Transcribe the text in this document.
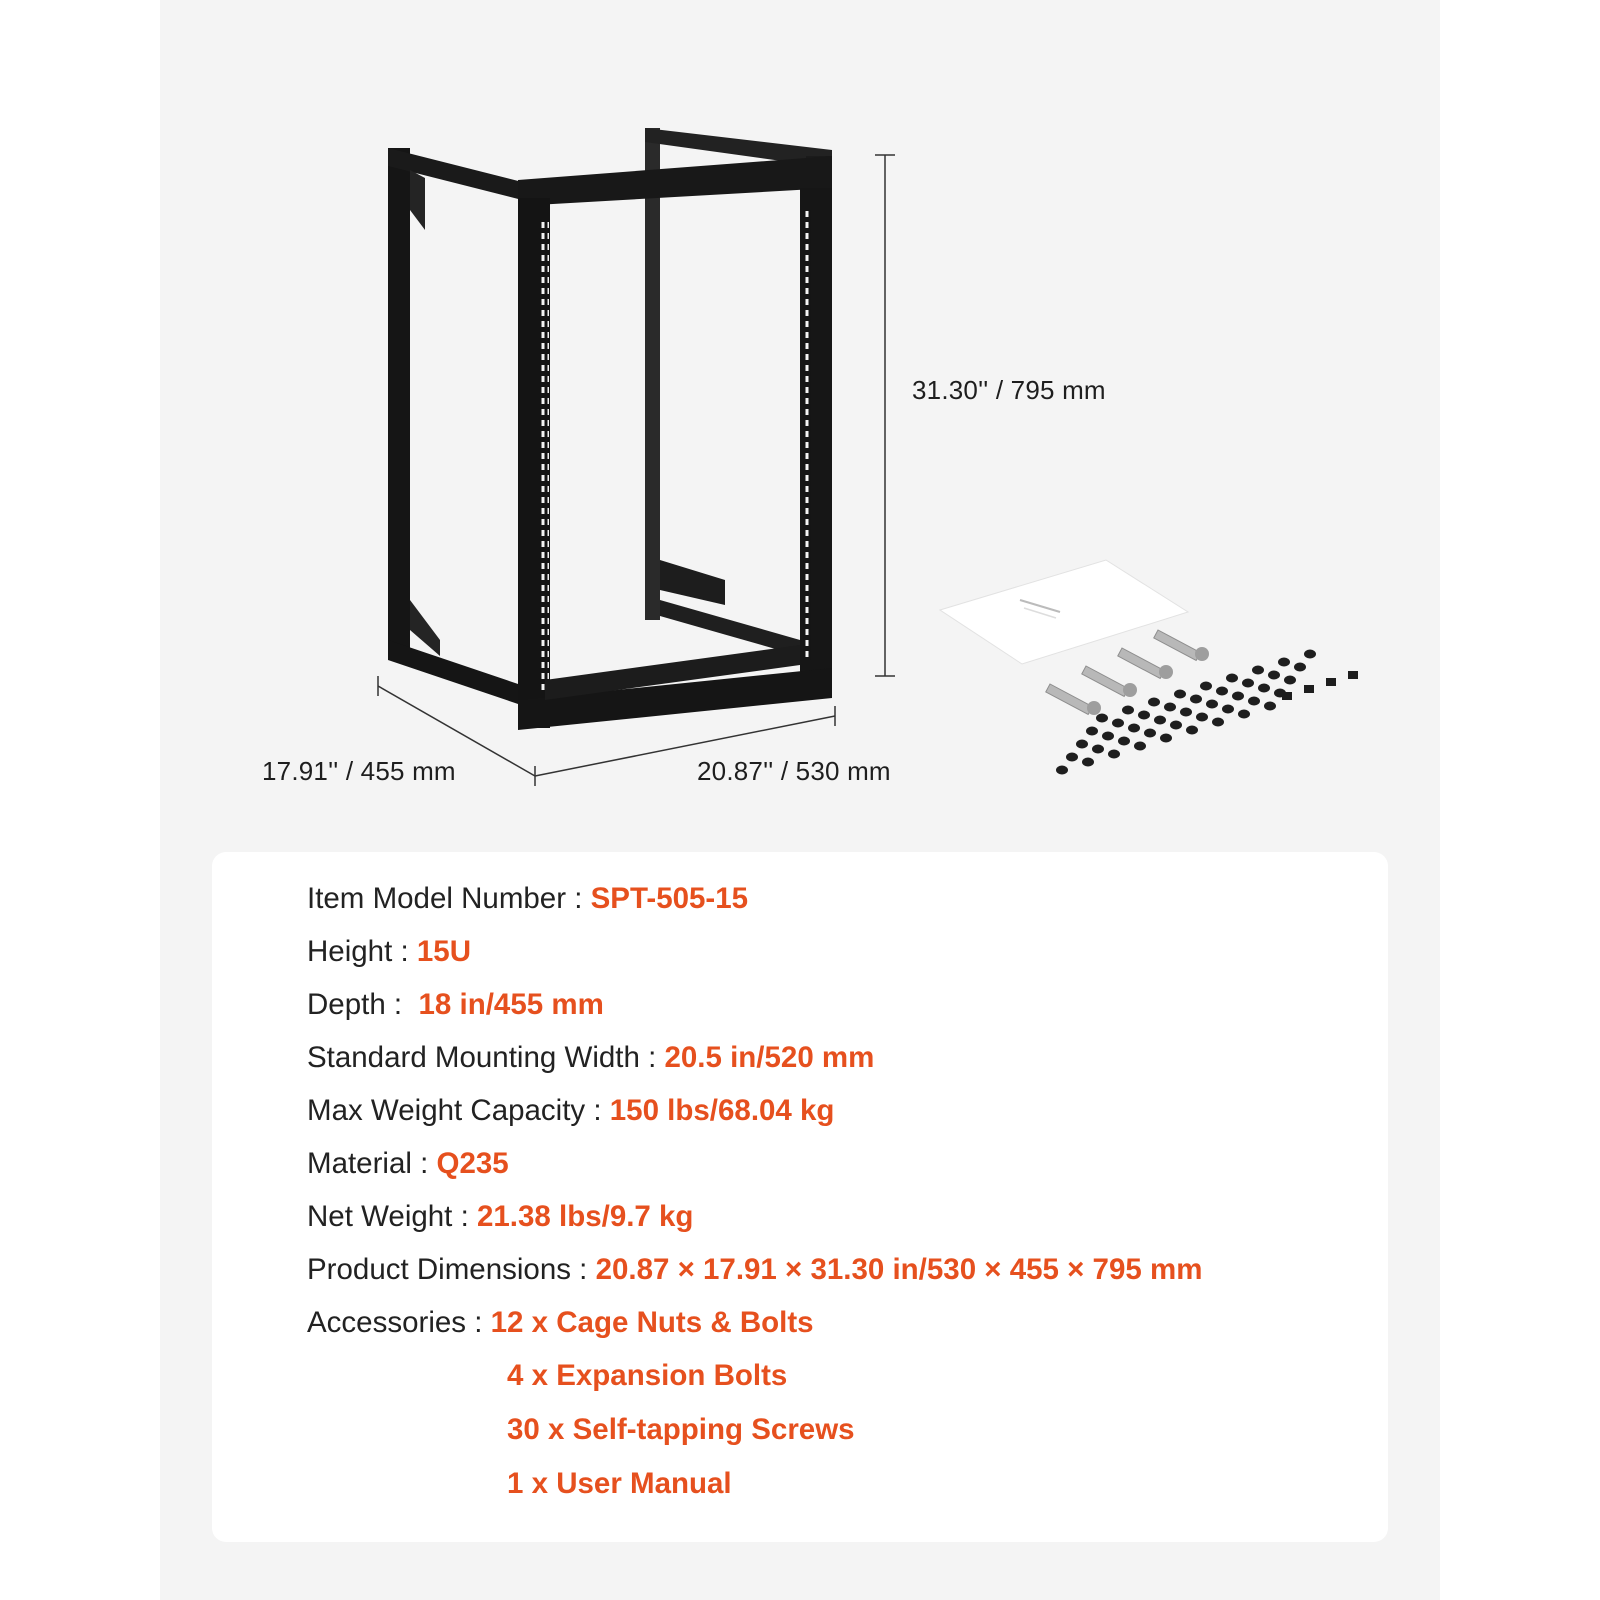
31.30'' / 795 mm
17.91'' / 455 mm	20.87'' / 530 mm
Item Model Number : SPT-505-15
Height : 15U
Depth :  18 in/455 mm
Standard Mounting Width : 20.5 in/520 mm
Max Weight Capacity : 150 lbs/68.04 kg
Material : Q235
Net Weight : 21.38 lbs/9.7 kg
Product Dimensions : 20.87 × 17.91 × 31.30 in/530 × 455 × 795 mm
Accessories : 12 x Cage Nuts & Bolts
4 x Expansion Bolts
30 x Self-tapping Screws
1 x User Manual
